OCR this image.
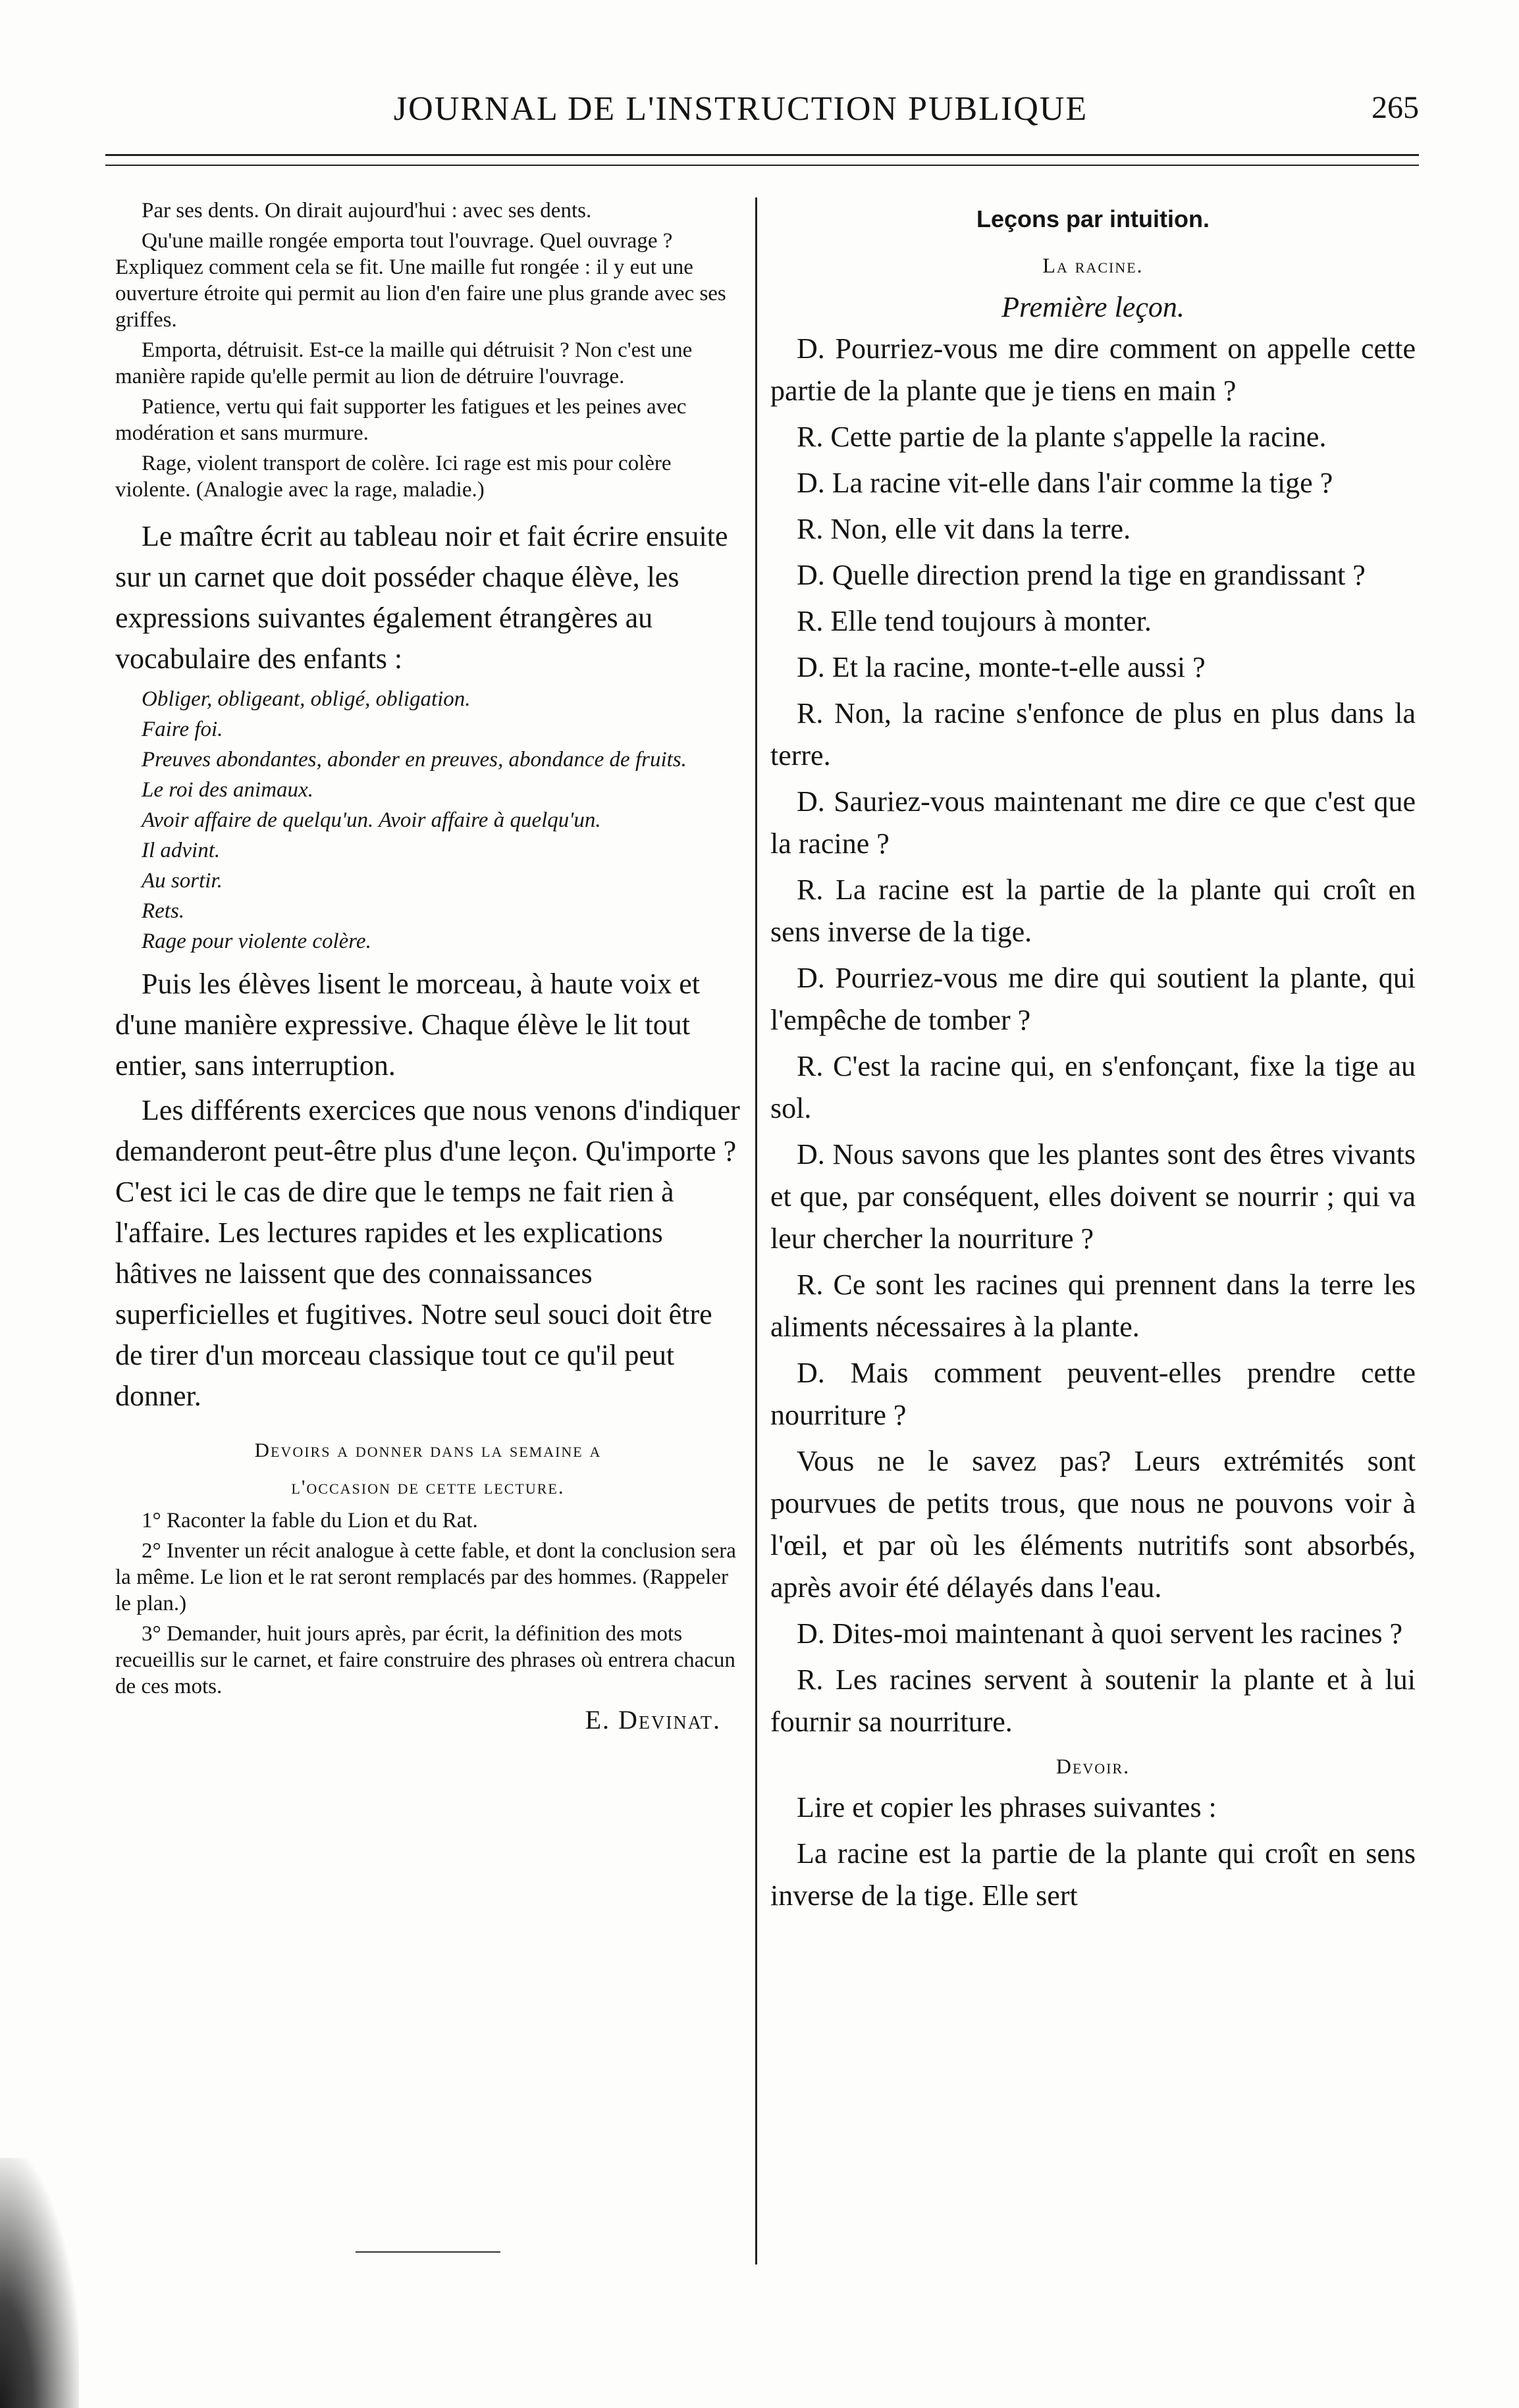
JOURNAL DE L'INSTRUCTION PUBLIQUE	265

Par ses dents. On dirait aujourd'hui : avec ses dents.

Qu'une maille rongée emporta tout l'ouvrage. Quel ouvrage ? Expliquez comment cela se fit. Une maille fut rongée : il y eut une ouverture étroite qui permit au lion d'en faire une plus grande avec ses griffes.

Emporta, détruisit. Est-ce la maille qui détruisit ? Non c'est une manière rapide qu'elle permit au lion de détruire l'ouvrage.

Patience, vertu qui fait supporter les fatigues et les peines avec modération et sans murmure.

Rage, violent transport de colère. Ici rage est mis pour colère violente. (Analogie avec la rage, maladie.)

Le maître écrit au tableau noir et fait écrire ensuite sur un carnet que doit posséder chaque élève, les expressions suivantes également étrangères au vocabulaire des enfants :

Obliger, obligeant, obligé, obligation.

Faire foi.

Preuves abondantes, abonder en preuves, abondance de fruits.

Le roi des animaux.

Avoir affaire de quelqu'un. Avoir affaire à quelqu'un.

Il advint.

Au sortir.

Rets.

Rage pour violente colère.

Puis les élèves lisent le morceau, à haute voix et d'une manière expressive. Chaque élève le lit tout entier, sans interruption.

Les différents exercices que nous venons d'indiquer demanderont peut-être plus d'une leçon. Qu'importe ? C'est ici le cas de dire que le temps ne fait rien à l'affaire. Les lectures rapides et les explications hâtives ne laissent que des connaissances superficielles et fugitives. Notre seul souci doit être de tirer d'un morceau classique tout ce qu'il peut donner.

Devoirs a donner dans la semaine a

l'occasion de cette lecture.

1° Raconter la fable du Lion et du Rat.

2° Inventer un récit analogue à cette fable, et dont la conclusion sera la même. Le lion et le rat seront remplacés par des hommes. (Rappeler le plan.)

3° Demander, huit jours après, par écrit, la définition des mots recueillis sur le carnet, et faire construire des phrases où entrera chacun de ces mots.

E. Devinat.

Leçons par intuition.

La racine.

Première leçon.

D. Pourriez-vous me dire comment on appelle cette partie de la plante que je tiens en main ?

R. Cette partie de la plante s'appelle la racine.

D. La racine vit-elle dans l'air comme la tige ?

R. Non, elle vit dans la terre.

D. Quelle direction prend la tige en grandissant ?

R. Elle tend toujours à monter.

D. Et la racine, monte-t-elle aussi ?

R. Non, la racine s'enfonce de plus en plus dans la terre.

D. Sauriez-vous maintenant me dire ce que c'est que la racine ?

R. La racine est la partie de la plante qui croît en sens inverse de la tige.

D. Pourriez-vous me dire qui soutient la plante, qui l'empêche de tomber ?

R. C'est la racine qui, en s'enfonçant, fixe la tige au sol.

D. Nous savons que les plantes sont des êtres vivants et que, par conséquent, elles doivent se nourrir ; qui va leur chercher la nourriture ?

R. Ce sont les racines qui prennent dans la terre les aliments nécessaires à la plante.

D. Mais comment peuvent-elles prendre cette nourriture ?

Vous ne le savez pas? Leurs extrémités sont pourvues de petits trous, que nous ne pouvons voir à l'œil, et par où les éléments nutritifs sont absorbés, après avoir été délayés dans l'eau.

D. Dites-moi maintenant à quoi servent les racines ?

R. Les racines servent à soutenir la plante et à lui fournir sa nourriture.

Devoir.

Lire et copier les phrases suivantes :

La racine est la partie de la plante qui croît en sens inverse de la tige. Elle sert
